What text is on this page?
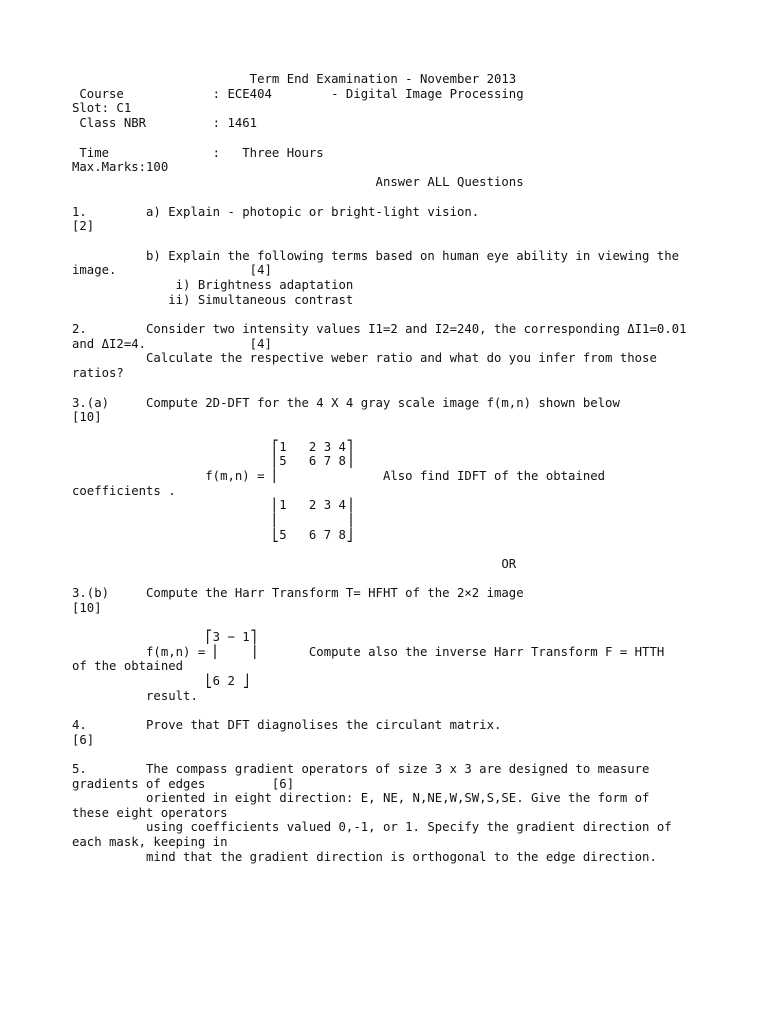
Term End Examination - November 2013

Course            : ECE404        - Digital Image Processing

Slot: C1

Class NBR         : 1461

Time              :   Three Hours

Max.Marks:100

Answer ALL Questions

1.        a) Explain - photopic or bright-light vision.

[2]

b) Explain the following terms based on human eye ability in viewing the

image.                  [4]

i) Brightness adaptation

ii) Simultaneous contrast

2.        Consider two intensity values I1=2 and I2=240, the corresponding ΔI1=0.01

and ΔI2=4.              [4]

Calculate the respective weber ratio and what do you infer from those

ratios?

3.(a)     Compute 2D-DFT for the 4 X 4 gray scale image f(m,n) shown below

[10]

⎡1   2 3 4⎤

⎢5   6 7 8⎥

f(m,n) = ⎢              Also find IDFT of the obtained

coefficients .

⎢1   2 3 4⎥

⎢         ⎥

⎣5   6 7 8⎦

OR

3.(b)     Compute the Harr Transform T= HFHT of the 2×2 image

[10]

⎡3 − 1⎤

f(m,n) = ⎢    ⎥       Compute also the inverse Harr Transform F = HTTH

of the obtained

⎣6 2 ⎦

result.

4.        Prove that DFT diagnolises the circulant matrix.

[6]

5.        The compass gradient operators of size 3 x 3 are designed to measure

gradients of edges         [6]

oriented in eight direction: E, NE, N,NE,W,SW,S,SE. Give the form of

these eight operators

using coefficients valued 0,-1, or 1. Specify the gradient direction of

each mask, keeping in

mind that the gradient direction is orthogonal to the edge direction.
